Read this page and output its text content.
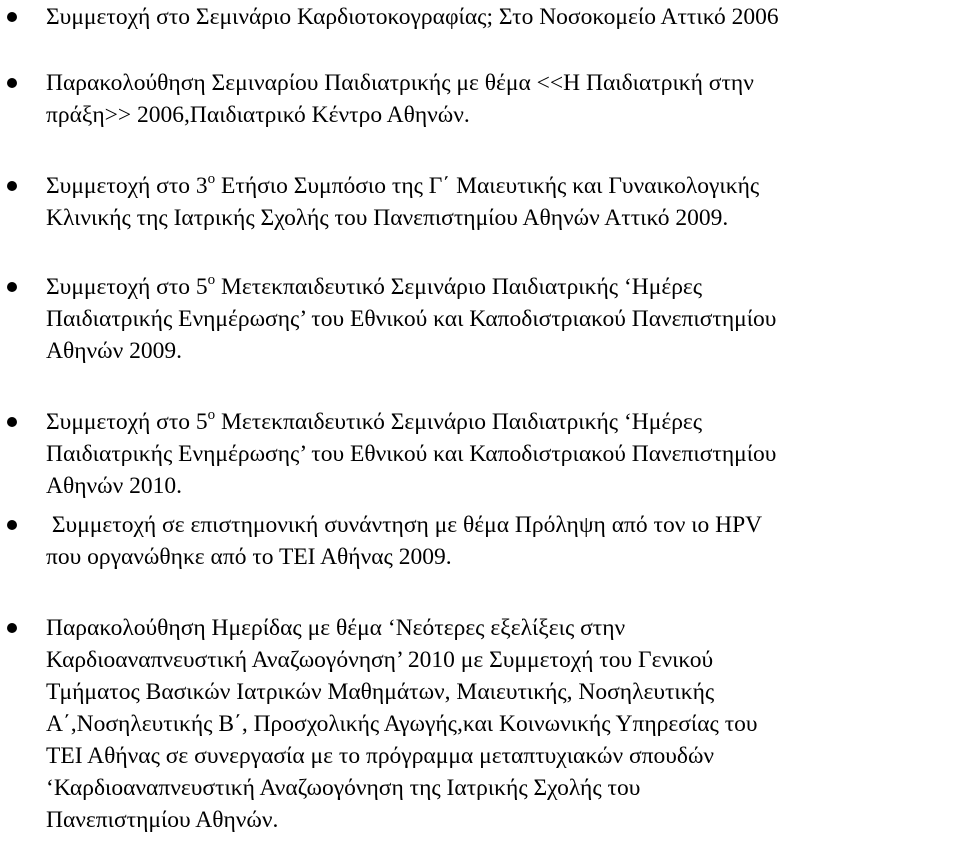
Συμμετοχή στο Σεμινάριο Καρδιοτοκογραφίας; Στο Νοσοκομείο Αττικό 2006
Παρακολούθηση Σεμιναρίου Παιδιατρικής με θέμα <<Η Παιδιατρική στην
πράξη>> 2006,Παιδιατρικό Κέντρο Αθηνών.
Συμμετοχή στο $3^o$ Ετήσιο Συμπόσιο της Γ΄ Μαιευτικής και Γυναικολογικής
Κλινικής της Ιατρικής Σχολής του Πανεπιστημίου Αθηνών Αττικό 2009.
Συμμετοχή στο $5^o$ Μετεκπαιδευτικό Σεμινάριο Παιδιατρικής ‘Ημέρες
Παιδιατρικής Ενημέρωσης’ του Εθνικού και Καποδιστριακού Πανεπιστημίου
Αθηνών 2009.
Συμμετοχή στο $5^o$ Μετεκπαιδευτικό Σεμινάριο Παιδιατρικής ‘Ημέρες
Παιδιατρικής Ενημέρωσης’ του Εθνικού και Καποδιστριακού Πανεπιστημίου
Αθηνών 2010.
Συμμετοχή σε επιστημονική συνάντηση με θέμα Πρόληψη από τον ιο HPV
που οργανώθηκε από το ΤΕΙ Αθήνας 2009.
Παρακολούθηση Ημερίδας με θέμα ‘Νεότερες εξελίξεις στην
Καρδιοαναπνευστική Αναζωογόνηση’ 2010 με Συμμετοχή του Γενικού
Τμήματος Βασικών Ιατρικών Μαθημάτων, Μαιευτικής, Νοσηλευτικής
Α΄,Νοσηλευτικής Β΄, Προσχολικής Αγωγής,και Κοινωνικής Υπηρεσίας του
ΤΕΙ Αθήνας σε συνεργασία με το πρόγραμμα μεταπτυχιακών σπουδών
‘Καρδιοαναπνευστική Αναζωογόνηση της Ιατρικής Σχολής του
Πανεπιστημίου Αθηνών.
